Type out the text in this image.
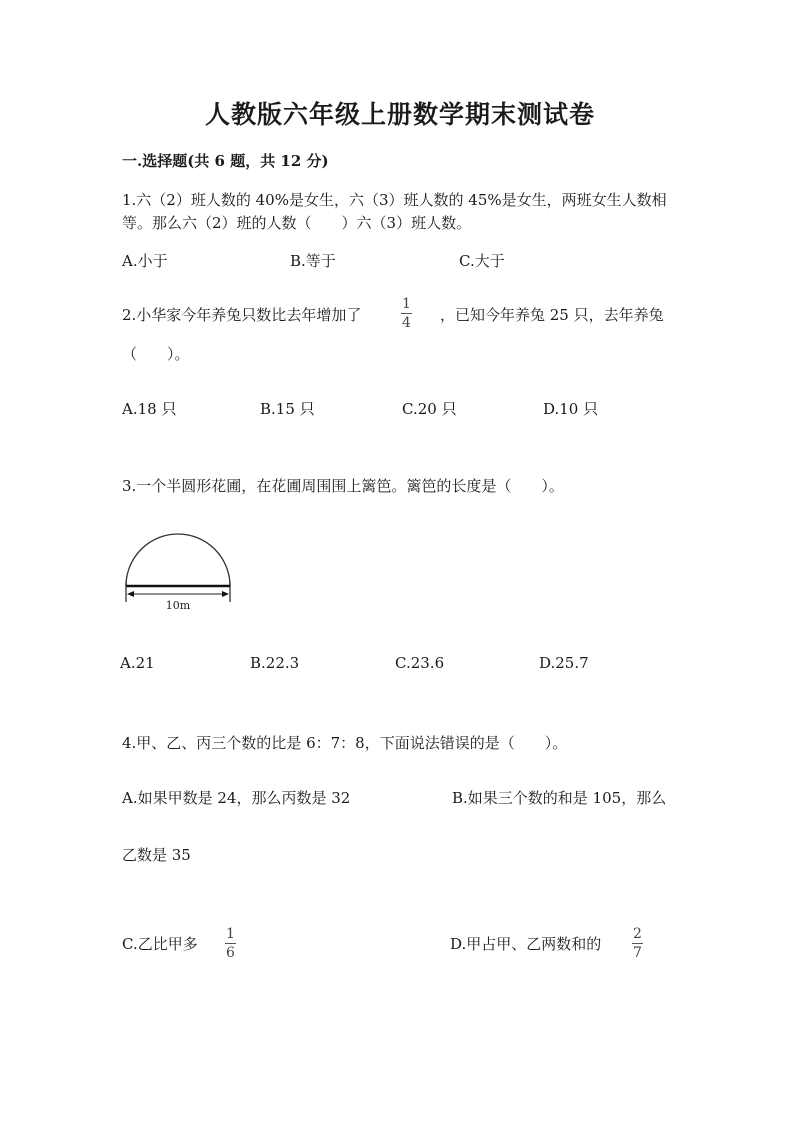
人教版六年级上册数学期末测试卷
一.选择题(共 6 题，共 12 分)
1.六（2）班人数的 40%是女生，六（3）班人数的 45%是女生，两班女生人数相
等。那么六（2）班的人数（　　）六（3）班人数。
A.小于	B.等于	C.大于
2.小华家今年养兔只数比去年增加了
1
4 ，已知今年养兔 25 只，去年养兔
（　　）。
A.18 只	B.15 只	C.20 只	D.10 只
3.一个半圆形花圃，在花圃周围围上篱笆。篱笆的长度是（　　）。
10m
A.21	B.22.3	C.23.6	D.25.7
4.甲、乙、丙三个数的比是 6：7：8，下面说法错误的是（　　）。
A.如果甲数是 24，那么丙数是 32	B.如果三个数的和是 105，那么
乙数是 35
C.乙比甲多
1
6	D.甲占甲、乙两数和的
2
7
